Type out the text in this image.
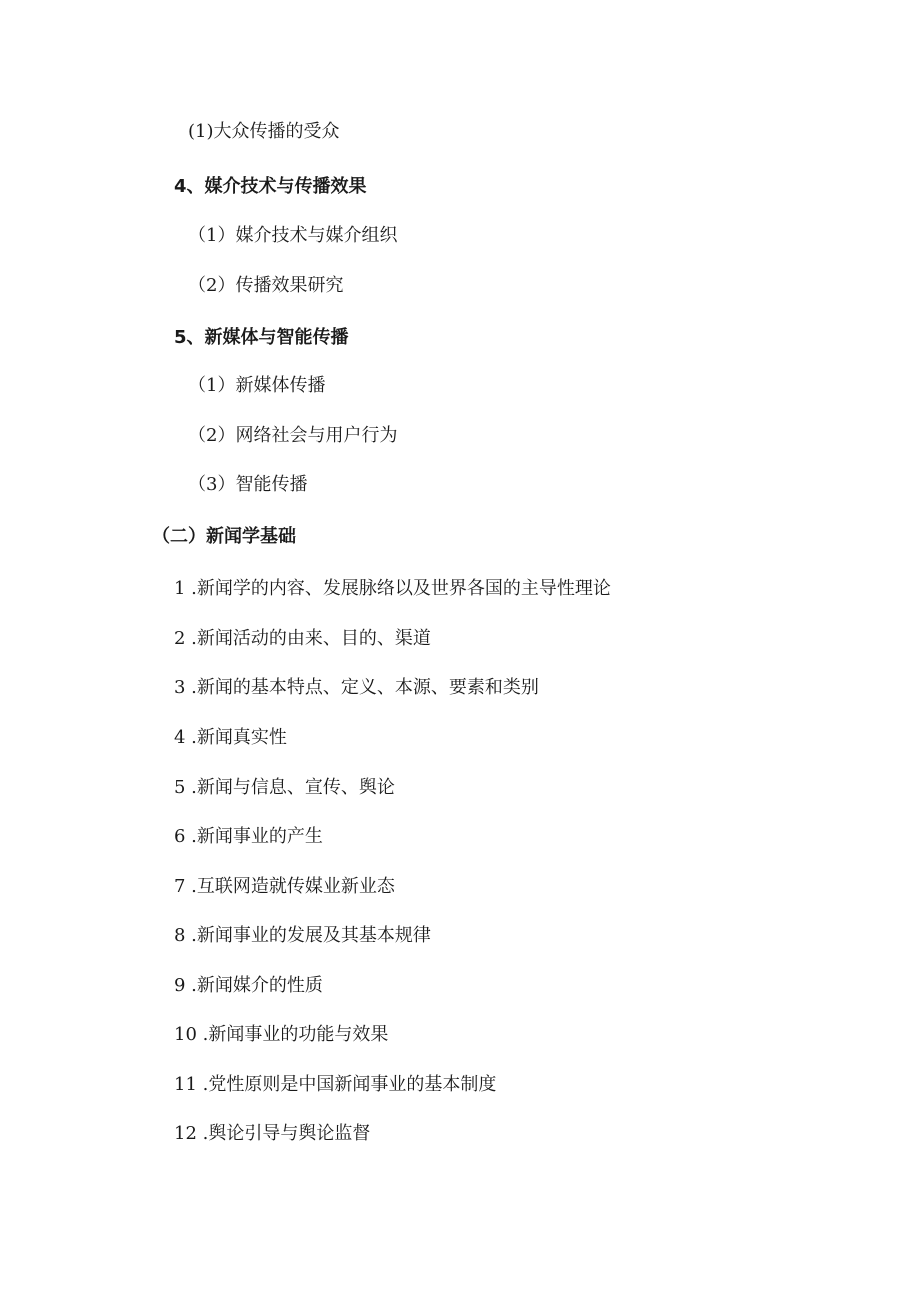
(1)大众传播的受众
4、媒介技术与传播效果
（1）媒介技术与媒介组织
（2）传播效果研究
5、新媒体与智能传播
（1）新媒体传播
（2）网络社会与用户行为
（3）智能传播
（二）新闻学基础
1 .新闻学的内容、发展脉络以及世界各国的主导性理论
2 .新闻活动的由来、目的、渠道
3 .新闻的基本特点、定义、本源、要素和类别
4 .新闻真实性
5 .新闻与信息、宣传、舆论
6 .新闻事业的产生
7 .互联网造就传媒业新业态
8 .新闻事业的发展及其基本规律
9 .新闻媒介的性质
10 .新闻事业的功能与效果
11 .党性原则是中国新闻事业的基本制度
12 .舆论引导与舆论监督
